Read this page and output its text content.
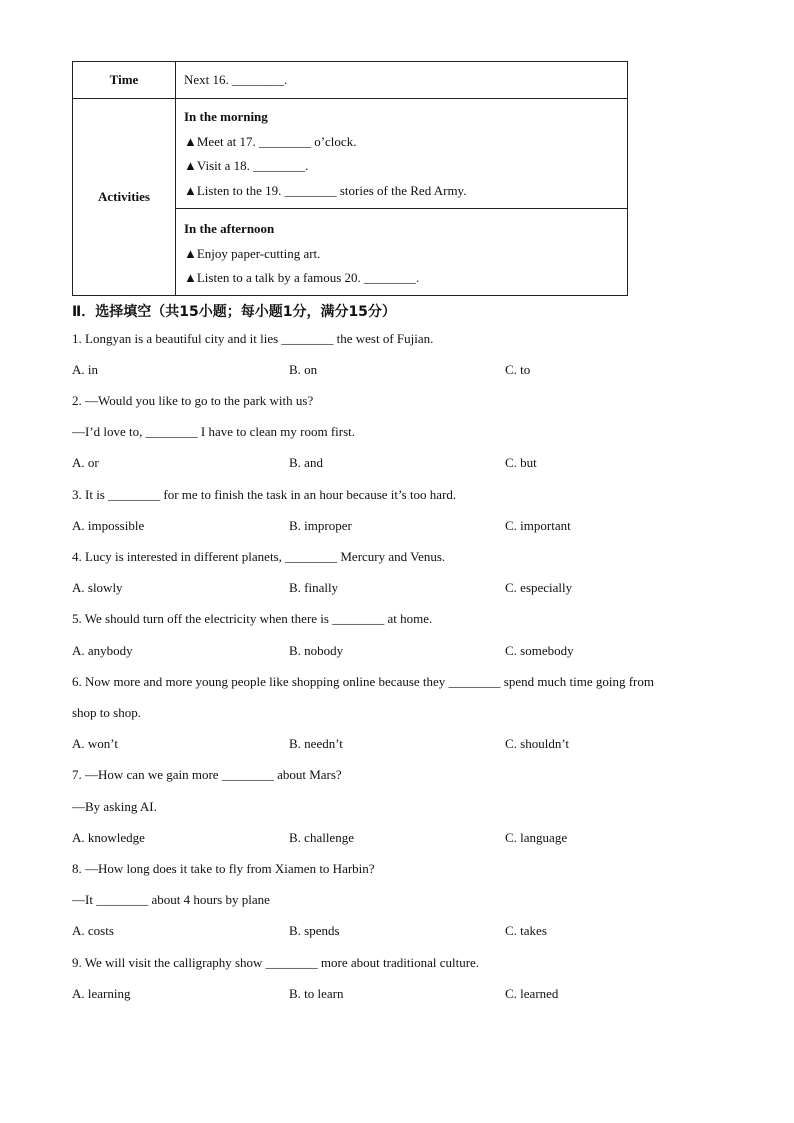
Time	Next 16. ________.
Activities	In the morning
▲Meet at 17. ________ o’clock.
▲Visit a 18. ________.
▲Listen to the 19. ________ stories of the Red Army.

	In the afternoon
▲Enjoy paper-cutting art.
▲Listen to a talk by a famous 20. ________.
Ⅱ．选择填空（共15小题；每小题1分，满分15分）
1. Longyan is a beautiful city and it lies ________ the west of Fujian.
A. in	B. on	C. to
2. —Would you like to go to the park with us?
—I’d love to, ________ I have to clean my room first.
A. or	B. and	C. but
3. It is ________ for me to finish the task in an hour because it’s too hard.
A. impossible	B. improper	C. important
4. Lucy is interested in different planets, ________ Mercury and Venus.
A. slowly	B. finally	C. especially
5. We should turn off the electricity when there is ________ at home.
A. anybody	B. nobody	C. somebody
6. Now more and more young people like shopping online because they ________ spend much time going from
shop to shop.
A. won’t	B. needn’t	C. shouldn’t
7. —How can we gain more ________ about Mars?
—By asking AI.
A. knowledge	B. challenge	C. language
8. —How long does it take to fly from Xiamen to Harbin?
—It ________ about 4 hours by plane
A. costs	B. spends	C. takes
9. We will visit the calligraphy show ________ more about traditional culture.
A. learning	B. to learn	C. learned
